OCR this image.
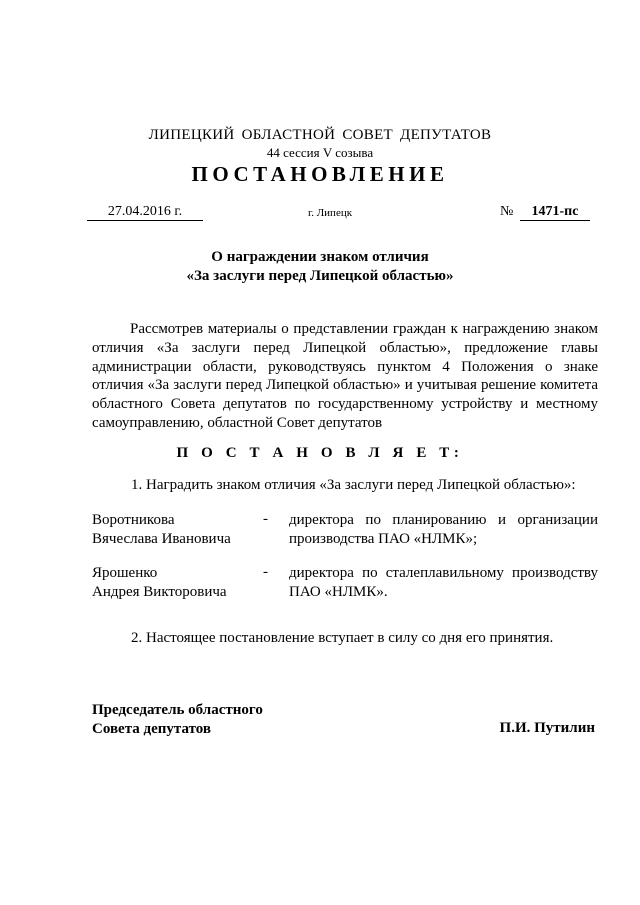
ЛИПЕЦКИЙ ОБЛАСТНОЙ СОВЕТ ДЕПУТАТОВ
44 сессия V созыва
ПОСТАНОВЛЕНИЕ
27.04.2016 г.	г. Липецк	№	1471-пс
О награждении знаком отличия
«За заслуги перед Липецкой областью»
Рассмотрев материалы о представлении граждан к награждению знаком отличия «За заслуги перед Липецкой областью», предложение главы администрации области, руководствуясь пунктом 4 Положения о знаке отличия «За заслуги перед Липецкой областью» и учитывая решение комитета областного Совета депутатов по государственному устройству и местному самоуправлению, областной Совет депутатов
П О С Т А Н О В Л Я Е Т:
1. Наградить знаком отличия «За заслуги перед Липецкой областью»:
Воротникова
Вячеслава Ивановича
- директора по планированию и организации производства ПАО «НЛМК»;
Ярошенко
Андрея Викторовича
- директора по сталеплавильному производству ПАО «НЛМК».
2. Настоящее постановление вступает в силу со дня его принятия.
Председатель областного
Совета депутатов	П.И. Путилин
